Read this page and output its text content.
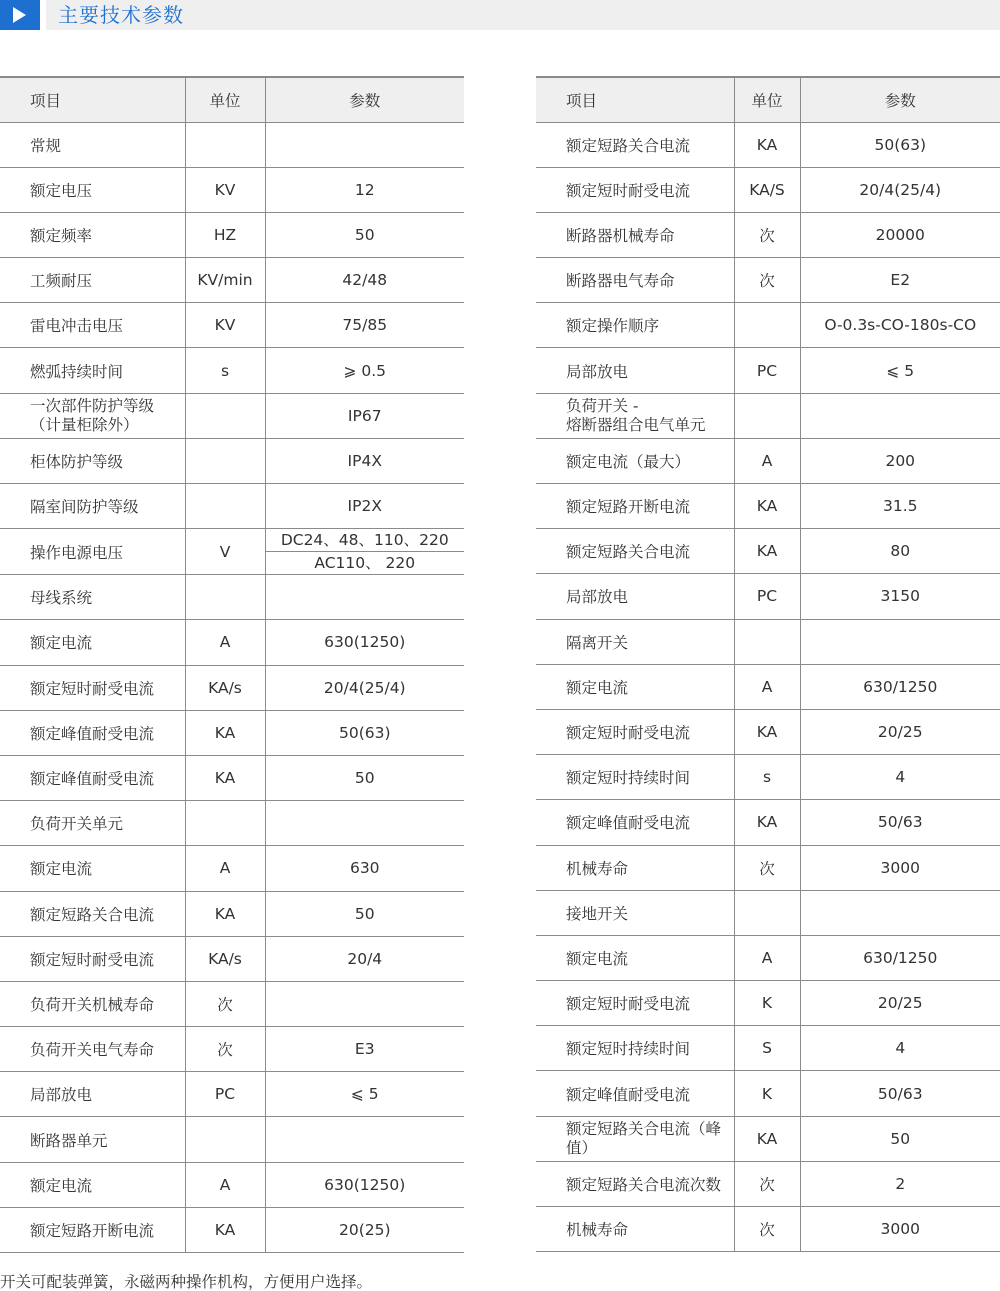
主要技术参数
项目	单位	参数
常规		
额定电压	KV	12
额定频率	HZ	50
工频耐压	KV/min	42/48
雷电冲击电压	KV	75/85
燃弧持续时间	s	⩾ 0.5
一次部件防护等级（计量柜除外）		IP67
柜体防护等级		IP4X
隔室间防护等级		IP2X
操作电源电压	V	DC24、48、110、220
AC110、 220

母线系统		
额定电流	A	630(1250)
额定短时耐受电流	KA/s	20/4(25/4)
额定峰值耐受电流	KA	50(63)
额定峰值耐受电流	KA	50
负荷开关单元		
额定电流	A	630
额定短路关合电流	KA	50
额定短时耐受电流	KA/s	20/4
负荷开关机械寿命	次	
负荷开关电气寿命	次	E3
局部放电	PC	⩽ 5
断路器单元		
额定电流	A	630(1250)
额定短路开断电流	KA	20(25)
项目	单位	参数
额定短路关合电流	KA	50(63)
额定短时耐受电流	KA/S	20/4(25/4)
断路器机械寿命	次	20000
断路器电气寿命	次	E2
额定操作顺序		O-0.3s-CO-180s-CO
局部放电	PC	⩽ 5
负荷开关 -
熔断器组合电气单元		
额定电流（最大）	A	200
额定短路开断电流	KA	31.5
额定短路关合电流	KA	80
局部放电	PC	3150
隔离开关		
额定电流	A	630/1250
额定短时耐受电流	KA	20/25
额定短时持续时间	s	4
额定峰值耐受电流	KA	50/63
机械寿命	次	3000
接地开关		
额定电流	A	630/1250
额定短时耐受电流	K	20/25
额定短时持续时间	S	4
额定峰值耐受电流	K	50/63
额定短路关合电流（峰值）	KA	50
额定短路关合电流次数	次	2
机械寿命	次	3000
开关可配装弹簧，永磁两种操作机构，方便用户选择。
